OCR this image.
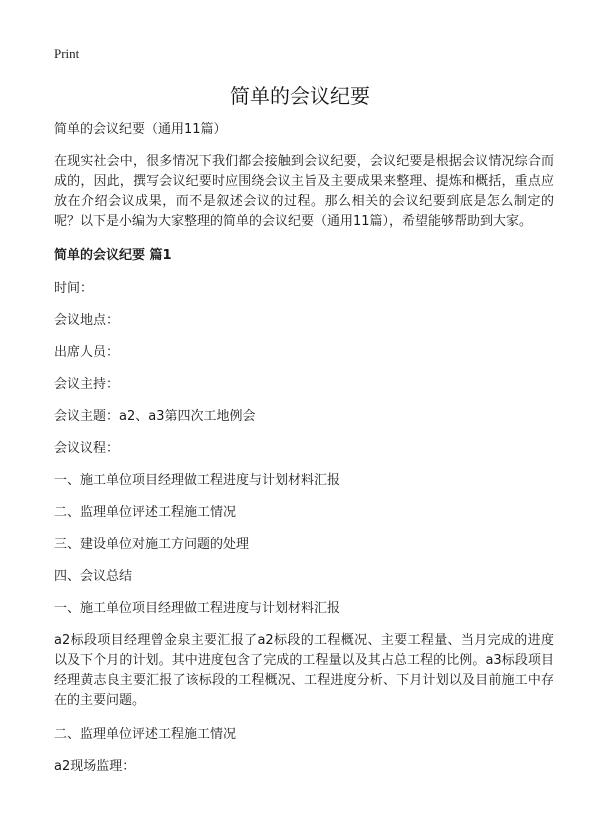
Print
简单的会议纪要

简单的会议纪要（通用11篇）

在现实社会中，很多情况下我们都会接触到会议纪要，会议纪要是根据会议情况综合而成的，因此，撰写会议纪要时应围绕会议主旨及主要成果来整理、提炼和概括，重点应放在介绍会议成果，而不是叙述会议的过程。那么相关的会议纪要到底是怎么制定的呢？以下是小编为大家整理的简单的会议纪要（通用11篇），希望能够帮助到大家。

简单的会议纪要 篇1

时间：

会议地点：

出席人员：

会议主持：

会议主题：a2、a3第四次工地例会

会议议程：

一、施工单位项目经理做工程进度与计划材料汇报

二、监理单位评述工程施工情况

三、建设单位对施工方问题的处理

四、会议总结

一、施工单位项目经理做工程进度与计划材料汇报

a2标段项目经理曾金泉主要汇报了a2标段的工程概况、主要工程量、当月完成的进度以及下个月的计划。其中进度包含了完成的工程量以及其占总工程的比例。a3标段项目经理黄志良主要汇报了该标段的工程概况、工程进度分析、下月计划以及目前施工中存在的主要问题。

二、监理单位评述工程施工情况

a2现场监理：
